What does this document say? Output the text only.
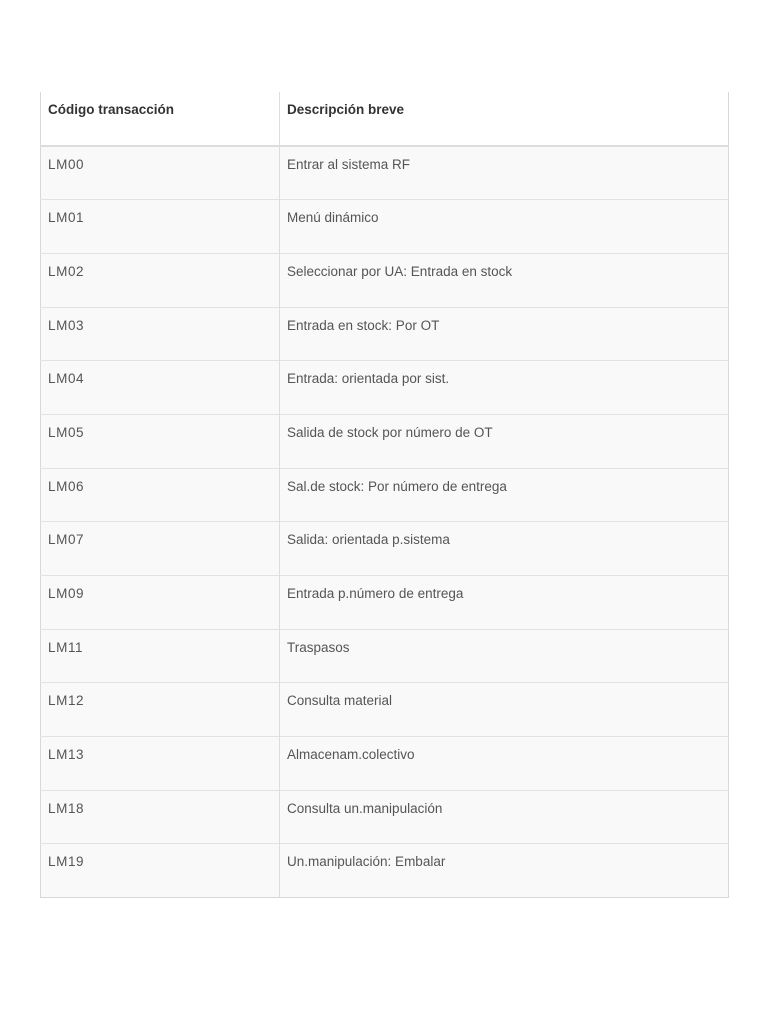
Código transacción	Descripción breve
LM00	Entrar al sistema RF
LM01	Menú dinámico
LM02	Seleccionar por UA: Entrada en stock
LM03	Entrada en stock: Por OT
LM04	Entrada: orientada por sist.
LM05	Salida de stock por número de OT
LM06	Sal.de stock: Por número de entrega
LM07	Salida: orientada p.sistema
LM09	Entrada p.número de entrega
LM11	Traspasos
LM12	Consulta material
LM13	Almacenam.colectivo
LM18	Consulta un.manipulación
LM19	Un.manipulación: Embalar
